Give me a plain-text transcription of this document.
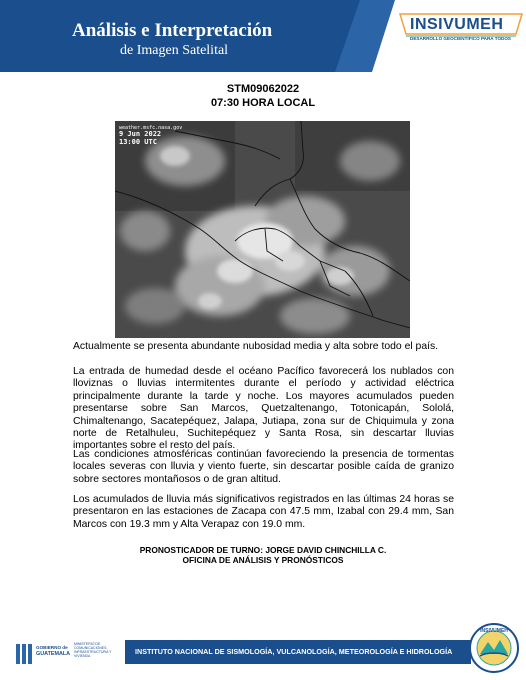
Análisis e Interpretación
de Imagen Satelital
INSIVUMEH
DESARROLLO GEOCIENTÍFICO PARA TODOS
STM09062022
07:30 HORA LOCAL
weather.msfc.nasa.gov
9 Jun 2022
13:00 UTC
Actualmente se presenta abundante nubosidad media y alta sobre todo el país.
La entrada de humedad desde el océano Pacífico favorecerá los nublados con lloviznas o lluvias intermitentes durante el período y actividad eléctrica principalmente durante la tarde y noche. Los mayores acumulados pueden presentarse sobre San Marcos, Quetzaltenango, Totonicapán, Sololá, Chimaltenango, Sacatepéquez, Jalapa, Jutiapa, zona sur de Chiquimula y zona norte de Retalhuleu, Suchitepéquez y Santa Rosa, sin descartar lluvias importantes sobre el resto del país.
Las condiciones atmosféricas continúan favoreciendo la presencia de tormentas locales severas con lluvia y viento fuerte, sin descartar posible caída de granizo sobre sectores montañosos o de gran altitud.
Los acumulados de lluvia más significativos registrados en las últimas 24 horas se presentaron en las estaciones de Zacapa con 47.5 mm, Izabal con 29.4 mm, San Marcos con 19.3 mm y Alta Verapaz con 19.0 mm.
PRONOSTICADOR DE TURNO: JORGE DAVID CHINCHILLA C.
OFICINA DE ANÁLISIS Y PRONÓSTICOS
GOBIERNO de
GUATEMALA
MINISTERIO DE COMUNICACIONES, INFRAESTRUCTURA Y VIVIENDA	INSTITUTO NACIONAL DE SISMOLOGÍA, VULCANOLOGÍA, METEOROLOGÍA E HIDROLOGÍA
INSIVUMEH
